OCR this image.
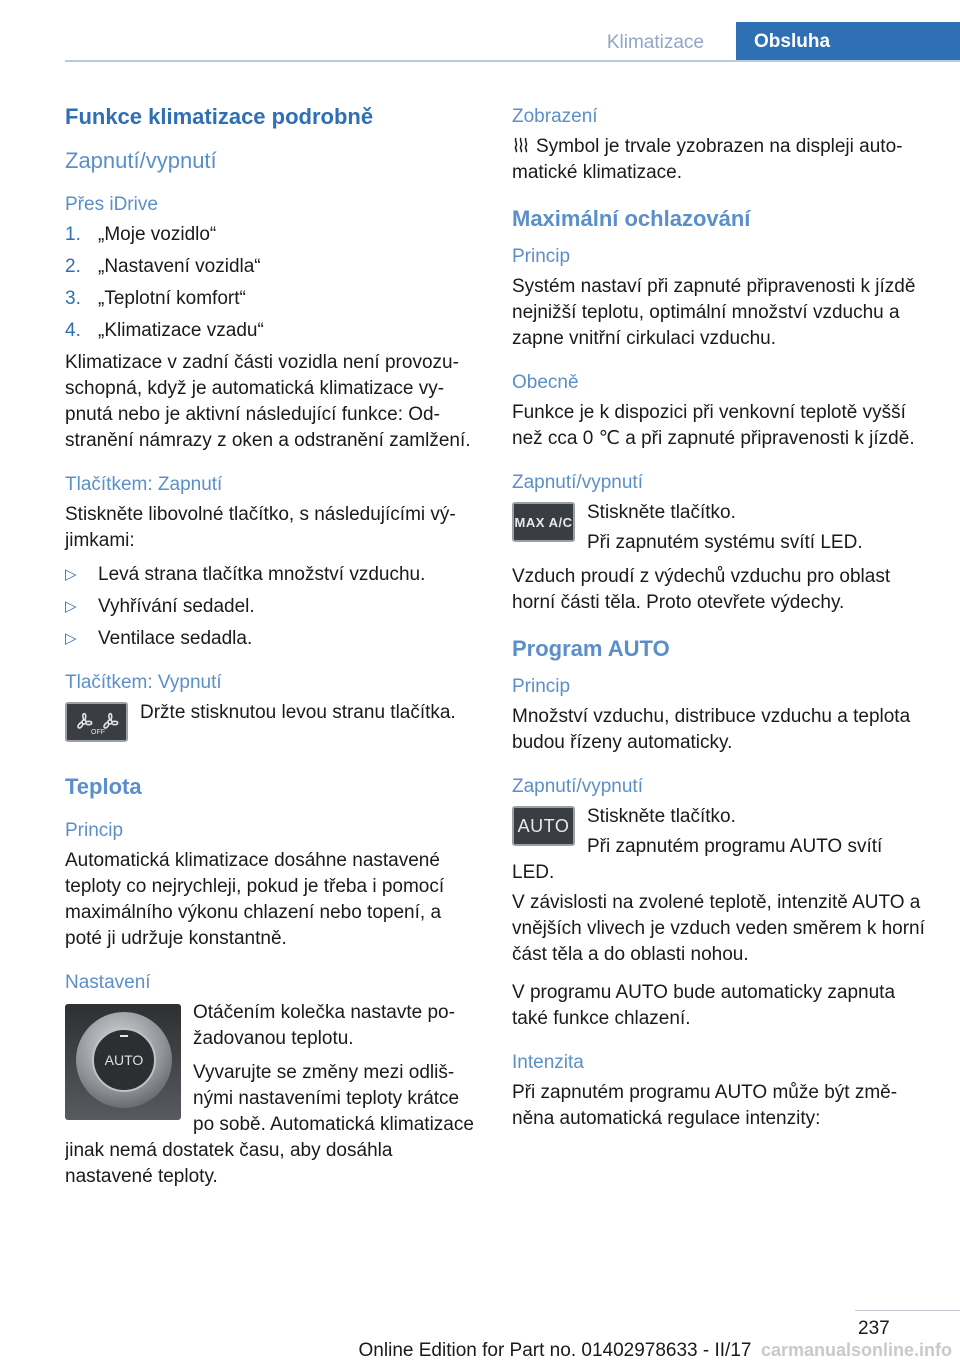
Klimatizace	Obsluha
Funkce klimatizace podrobně
Zapnutí/vypnutí
Přes iDrive
1. „Moje vozidlo“
2. „Nastavení vozidla“
3. „Teplotní komfort“
4. „Klimatizace vzadu“
Klimatizace v zadní části vozidla není provozuschopná, když je automatická klimatizace vypnutá nebo je aktivní následující funkce: Odstranění námrazy z oken a odstranění zamlžení.
Tlačítkem: Zapnutí
Stiskněte libovolné tlačítko, s následujícími výjimkami:
▷ Levá strana tlačítka množství vzduchu.
▷ Vyhřívání sedadel.
▷ Ventilace sedadla.
Tlačítkem: Vypnutí
OFF
Držte stisknutou levou stranu tlačítka.
Teplota
Princip
Automatická klimatizace dosáhne nastavené teploty co nejrychleji, pokud je třeba i pomocí maximálního výkonu chlazení nebo topení, a poté ji udržuje konstantně.
Nastavení
AUTO
Otáčením kolečka nastavte požadovanou teplotu.
Vyvarujte se změny mezi odlišnými nastaveními teploty krátce po sobě. Automatická klimatizace jinak nemá dostatek času, aby dosáhla nastavené teploty.
Zobrazení
Symbol je trvale yzobrazen na displeji automatické klimatizace.
Maximální ochlazování
Princip
Systém nastaví při zapnuté připravenosti k jízdě nejnižší teplotu, optimální množství vzduchu a zapne vnitřní cirkulaci vzduchu.
Obecně
Funkce je k dispozici při venkovní teplotě vyšší než cca 0 ℃ a při zapnuté připravenosti k jízdě.
Zapnutí/vypnutí
MAX A/C Stiskněte tlačítko.
Při zapnutém systému svítí LED.
Vzduch proudí z výdechů vzduchu pro oblast horní části těla. Proto otevřete výdechy.
Program AUTO
Princip
Množství vzduchu, distribuce vzduchu a teplota budou řízeny automaticky.
Zapnutí/vypnutí
AUTO Stiskněte tlačítko.
Při zapnutém programu AUTO svítí LED.
V závislosti na zvolené teplotě, intenzitě AUTO a vnějších vlivech je vzduch veden směrem k horní část těla a do oblasti nohou.
V programu AUTO bude automaticky zapnuta také funkce chlazení.
Intenzita
Při zapnutém programu AUTO může být změněna automatická regulace intenzity:
237
Online Edition for Part no. 01402978633 - II/17 carmanualsonline.info
